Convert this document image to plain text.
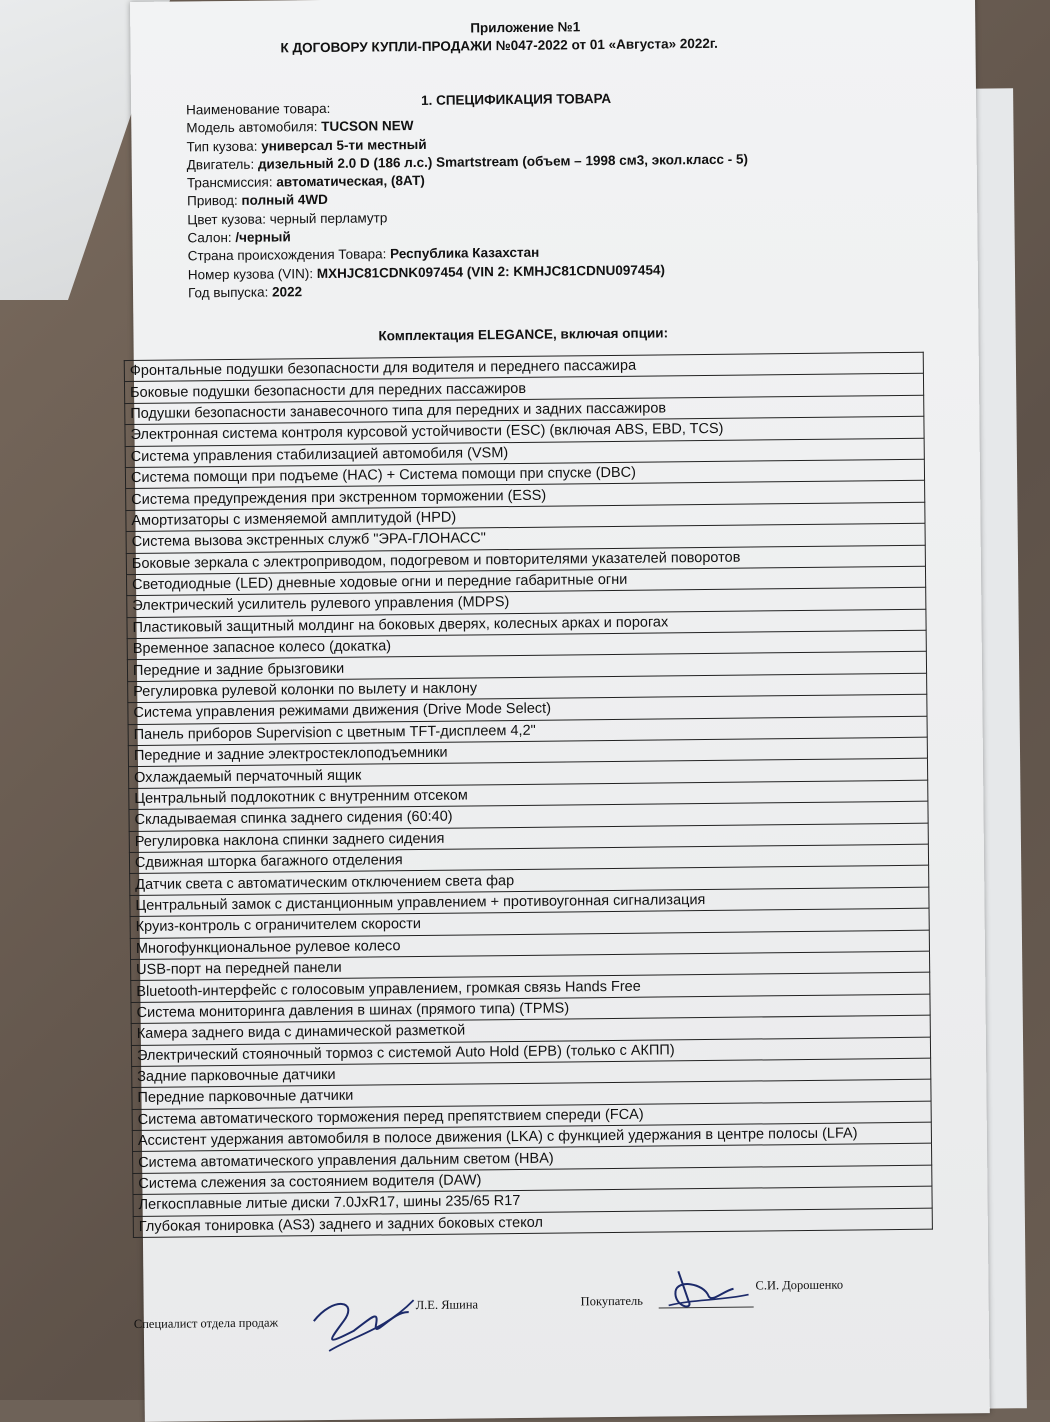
Приложение №1
К ДОГОВОРУ КУПЛИ-ПРОДАЖИ №047-2022 от 01 «Августа» 2022г.
1. СПЕЦИФИКАЦИЯ ТОВАРА
Наименование товара:
Модель автомобиля: TUCSON NEW
Тип кузова: универсал 5-ти местный
Двигатель: дизельный 2.0 D (186 л.с.) Smartstream (объем – 1998 см3, экол.класс - 5)
Трансмиссия: автоматическая, (8АТ)
Привод: полный 4WD
Цвет кузова: черный перламутр
Салон: /черный
Страна происхождения Товара: Республика Казахстан
Номер кузова (VIN): MXHJC81CDNK097454 (VIN 2: KMHJC81CDNU097454)
Год выпуска: 2022
Комплектация ELEGANCE, включая опции:
Фронтальные подушки безопасности для водителя и переднего пассажира
Боковые подушки безопасности для передних пассажиров
Подушки безопасности занавесочного типа для передних и задних пассажиров
Электронная система контроля курсовой устойчивости (ESC) (включая ABS, EBD, TCS)
Система управления стабилизацией автомобиля (VSM)
Система помощи при подъеме (HAC) + Система помощи при спуске (DBC)
Система предупреждения при экстренном торможении (ESS)
Амортизаторы с изменяемой амплитудой (HPD)
Система вызова экстренных служб "ЭРА-ГЛОНАСС"
Боковые зеркала с электроприводом, подогревом и повторителями указателей поворотов
Светодиодные (LED) дневные ходовые огни и передние габаритные огни
Электрический усилитель рулевого управления (MDPS)
Пластиковый защитный молдинг на боковых дверях, колесных арках и порогах
Временное запасное колесо (докатка)
Передние и задние брызговики
Регулировка рулевой колонки по вылету и наклону
Система управления режимами движения (Drive Mode Select)
Панель приборов Supervision с цветным TFT-дисплеем 4,2"
Передние и задние электростеклоподъемники
Охлаждаемый перчаточный ящик
Центральный подлокотник с внутренним отсеком
Складываемая спинка заднего сидения (60:40)
Регулировка наклона спинки заднего сидения
Сдвижная шторка багажного отделения
Датчик света с автоматическим отключением света фар
Центральный замок с дистанционным управлением + противоугонная сигнализация
Круиз-контроль с ограничителем скорости
Многофункциональное рулевое колесо
USB-порт на передней панели
Bluetooth-интерфейс с голосовым управлением, громкая связь Hands Free
Система мониторинга давления в шинах (прямого типа) (TPMS)
Камера заднего вида с динамической разметкой
Электрический стояночный тормоз с системой Auto Hold (EPB) (только с АКПП)
Задние парковочные датчики
Передние парковочные датчики
Система автоматического торможения перед препятствием спереди (FCA)
Ассистент удержания автомобиля в полосе движения (LKA) с функцией удержания в центре полосы (LFA)
Система автоматического управления дальним светом (HBA)
Система слежения за состоянием водителя (DAW)
Легкосплавные литые диски 7.0JxR17, шины 235/65 R17
Глубокая тонировка (AS3) заднего и задних боковых стекол
Специалист отдела продаж
Л.Е. Яшина	Покупатель
С.И. Дорошенко
